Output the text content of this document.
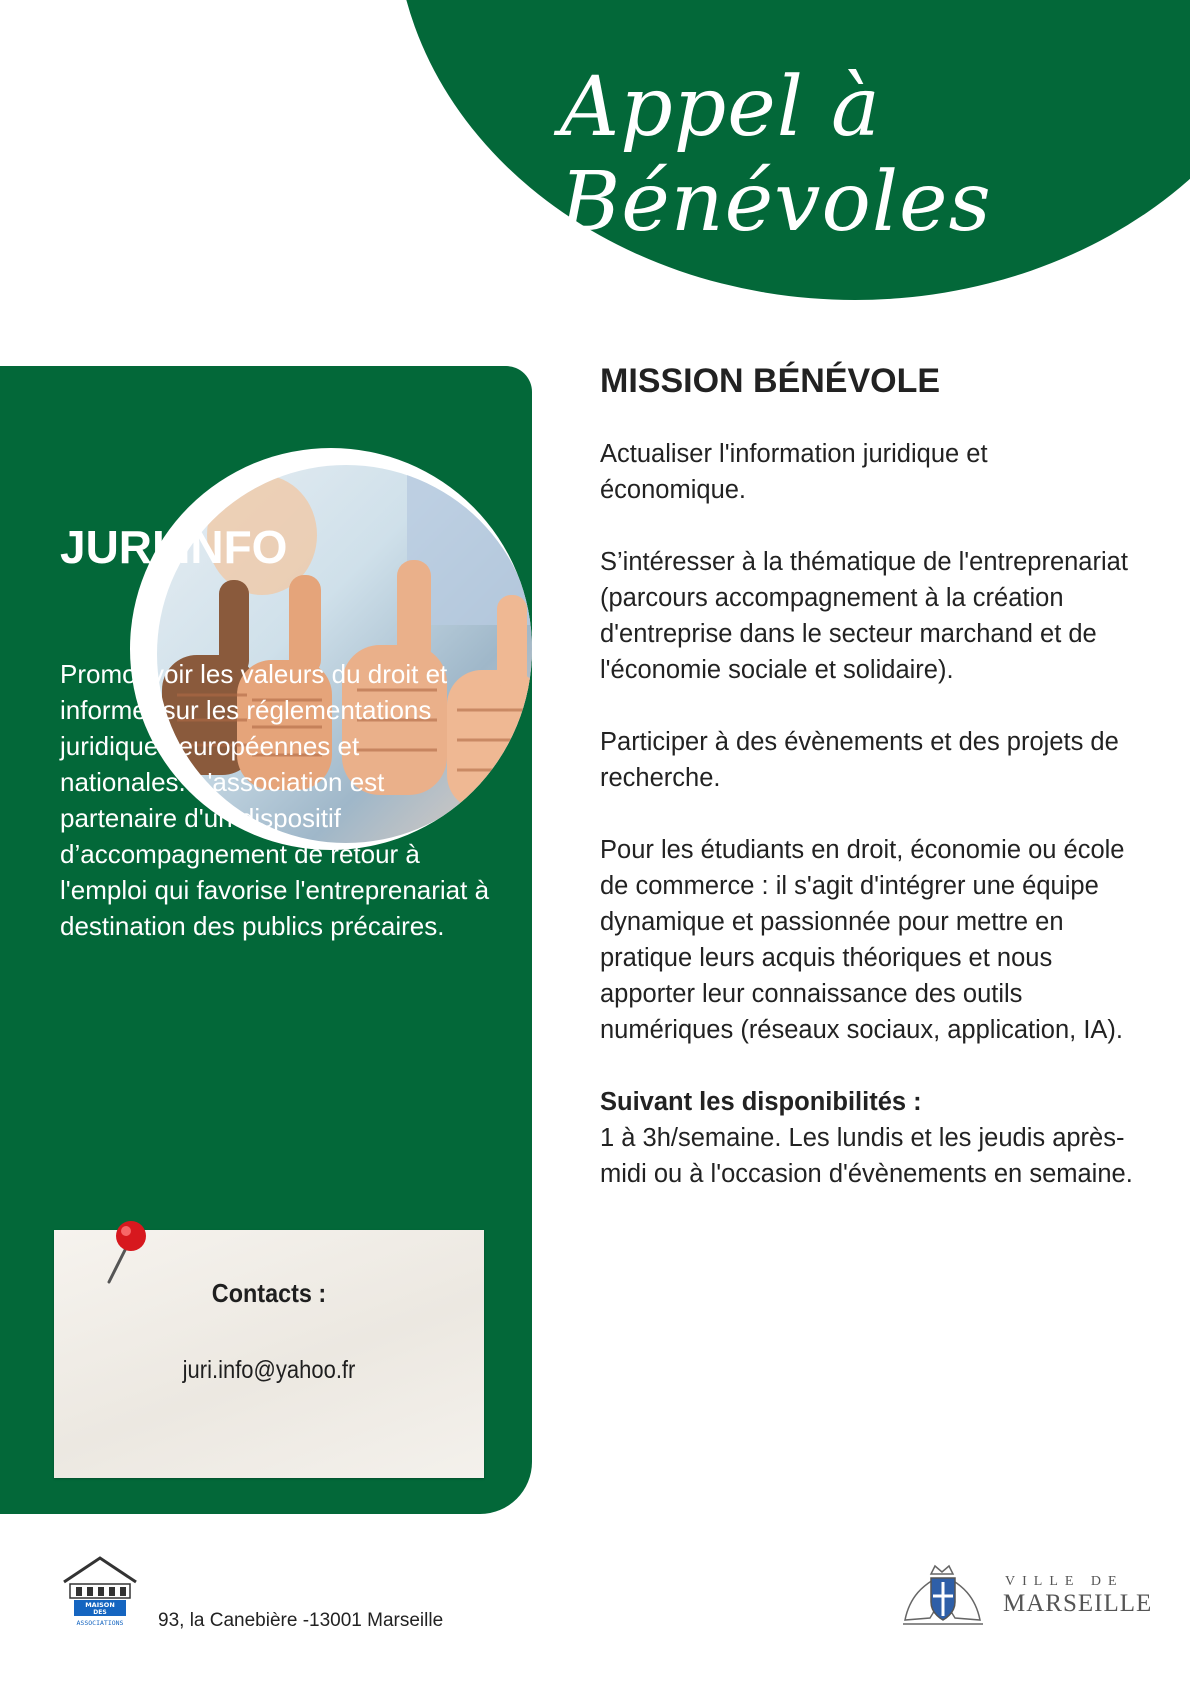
Appel à Bénévoles
JURI INFO
Promouvoir les valeurs du droit et informer sur les réglementations juridiques européennes et nationales. L'association est partenaire d'un dispositif d’accompagnement de retour à l'emploi qui favorise l'entreprenariat à destination des publics précaires.
Contacts :
juri.info@yahoo.fr
MISSION BÉNÉVOLE

Actualiser l'information juridique et économique.

S’intéresser à la thématique de l'entreprenariat (parcours accompagnement à la création d'entreprise dans le secteur marchand et de l'économie sociale et solidaire).

Participer à des évènements et des projets de recherche.

Pour les étudiants en droit, économie ou école de commerce : il s'agit d'intégrer une équipe dynamique et passionnée pour mettre en pratique leurs acquis théoriques et nous apporter leur connaissance des outils numériques (réseaux sociaux, application, IA).

Suivant les disponibilités :

1 à 3h/semaine. Les lundis et les jeudis après-midi ou à l'occasion d'évènements en semaine.

MAISON
DES
ASSOCIATIONS 93, la Canebière -13001 Marseille
VILLE DE
MARSEILLE
